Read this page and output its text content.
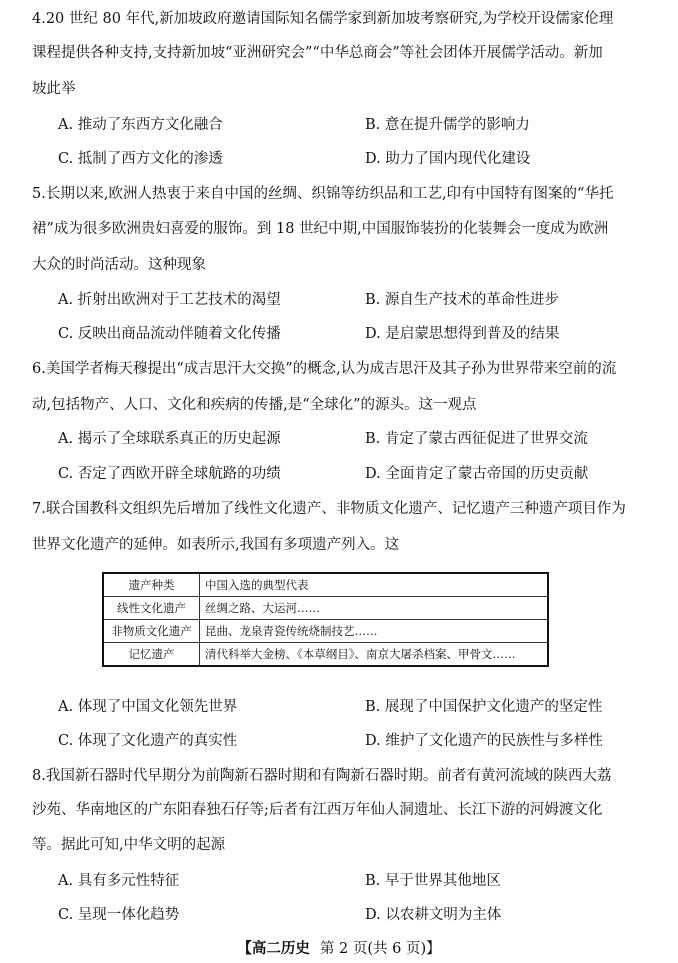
4.20 世纪 80 年代,新加坡政府邀请国际知名儒学家到新加坡考察研究,为学校开设儒家伦理
课程提供各种支持,支持新加坡“亚洲研究会”“中华总商会”等社会团体开展儒学活动。新加
坡此举
A. 推动了东西方文化融合	B. 意在提升儒学的影响力
C. 抵制了西方文化的渗透	D. 助力了国内现代化建设
5.长期以来,欧洲人热衷于来自中国的丝绸、织锦等纺织品和工艺,印有中国特有图案的“华托
裙”成为很多欧洲贵妇喜爱的服饰。到 18 世纪中期,中国服饰装扮的化装舞会一度成为欧洲
大众的时尚活动。这种现象
A. 折射出欧洲对于工艺技术的渴望	B. 源自生产技术的革命性进步
C. 反映出商品流动伴随着文化传播	D. 是启蒙思想得到普及的结果
6.美国学者梅天穆提出“成吉思汗大交换”的概念,认为成吉思汗及其子孙为世界带来空前的流
动,包括物产、人口、文化和疾病的传播,是“全球化”的源头。这一观点
A. 揭示了全球联系真正的历史起源	B. 肯定了蒙古西征促进了世界交流
C. 否定了西欧开辟全球航路的功绩	D. 全面肯定了蒙古帝国的历史贡献
7.联合国教科文组织先后增加了线性文化遗产、非物质文化遗产、记忆遗产三种遗产项目作为
世界文化遗产的延伸。如表所示,我国有多项遗产列入。这
遗产种类	中国入选的典型代表
线性文化遗产	丝绸之路、大运河……
非物质文化遗产	昆曲、龙泉青瓷传统烧制技艺……
记忆遗产	清代科举大金榜、《本草纲目》、南京大屠杀档案、甲骨文……
A. 体现了中国文化领先世界	B. 展现了中国保护文化遗产的坚定性
C. 体现了文化遗产的真实性	D. 维护了文化遗产的民族性与多样性
8.我国新石器时代早期分为前陶新石器时期和有陶新石器时期。前者有黄河流域的陕西大荔
沙苑、华南地区的广东阳春独石仔等;后者有江西万年仙人洞遗址、长江下游的河姆渡文化
等。据此可知,中华文明的起源
A. 具有多元性特征	B. 早于世界其他地区
C. 呈现一体化趋势	D. 以农耕文明为主体
【高二历史 第 2 页(共 6 页)】
